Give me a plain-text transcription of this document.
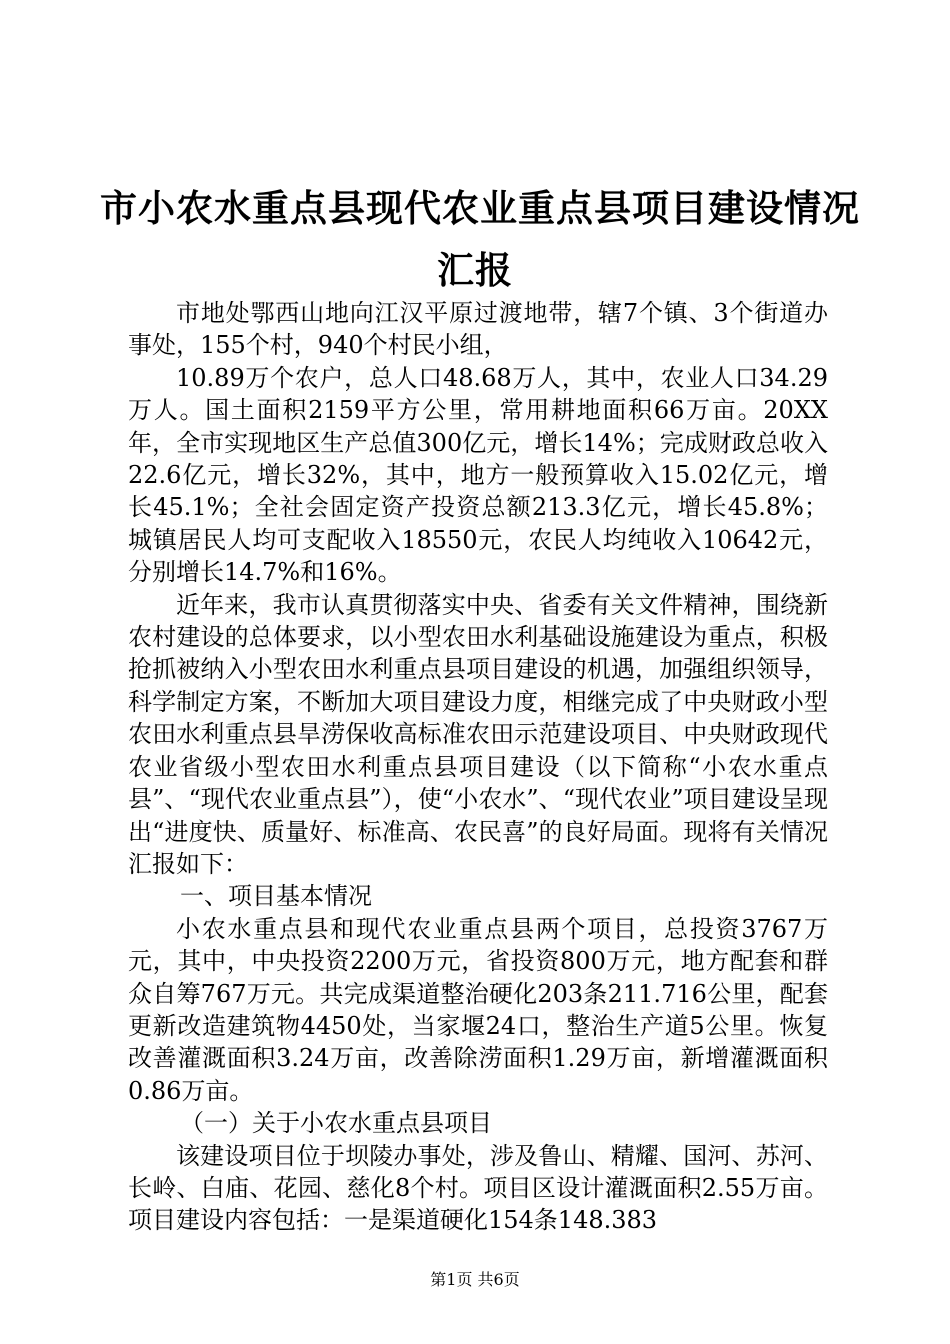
市小农水重点县现代农业重点县项目建设情况
汇报

市地处鄂西山地向江汉平原过渡地带，辖7个镇、3个街道办事处，155个村，940个村民小组，

10.89万个农户，总人口48.68万人，其中，农业人口34.29万人。国土面积2159平方公里，常用耕地面积66万亩。20XX年，全市实现地区生产总值300亿元，增长14%；完成财政总收入22.6亿元，增长32%，其中，地方一般预算收入15.02亿元，增长45.1%；全社会固定资产投资总额213.3亿元，增长45.8%；城镇居民人均可支配收入18550元，农民人均纯收入10642元，分别增长14.7%和16%。

近年来，我市认真贯彻落实中央、省委有关文件精神，围绕新农村建设的总体要求，以小型农田水利基础设施建设为重点，积极抢抓被纳入小型农田水利重点县项目建设的机遇，加强组织领导，科学制定方案，不断加大项目建设力度，相继完成了中央财政小型农田水利重点县旱涝保收高标准农田示范建设项目、中央财政现代农业省级小型农田水利重点县项目建设（以下简称“小农水重点县”、“现代农业重点县”），使“小农水”、“现代农业”项目建设呈现出“进度快、质量好、标准高、农民喜”的良好局面。现将有关情况汇报如下：

一、项目基本情况

小农水重点县和现代农业重点县两个项目，总投资3767万元，其中，中央投资2200万元，省投资800万元，地方配套和群众自筹767万元。共完成渠道整治硬化203条211.716公里，配套更新改造建筑物4450处，当家堰24口，整治生产道5公里。恢复改善灌溉面积3.24万亩，改善除涝面积1.29万亩，新增灌溉面积0.86万亩。

（一）关于小农水重点县项目

该建设项目位于坝陵办事处，涉及鲁山、精耀、国河、苏河、长岭、白庙、花园、慈化8个村。项目区设计灌溉面积2.55万亩。项目建设内容包括：一是渠道硬化154条148.383

第1页 共6页
